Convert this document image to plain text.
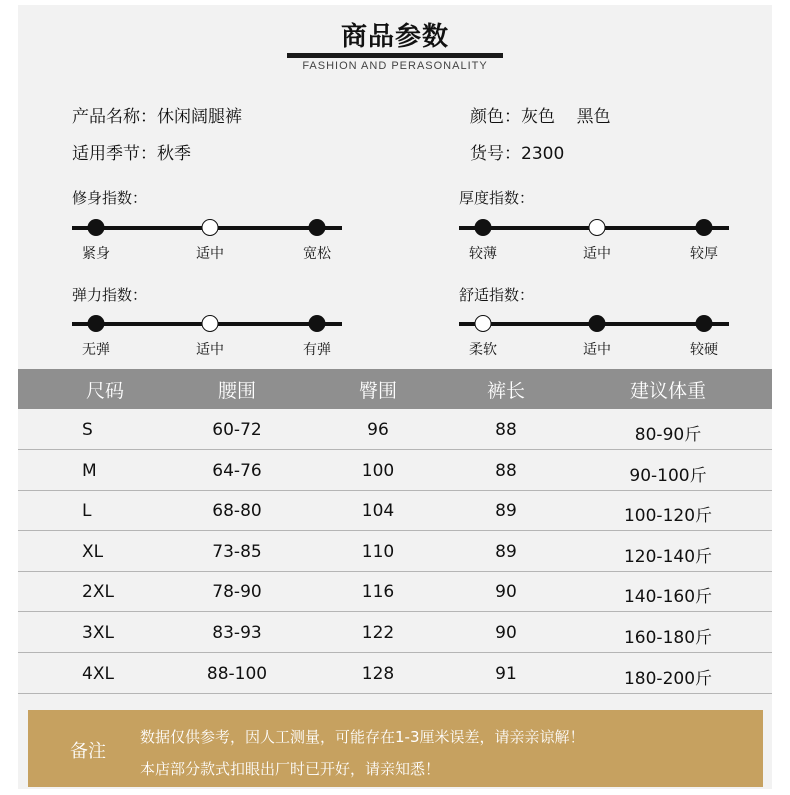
商品参数
FASHION AND PERASONALITY
产品名称：休闲阔腿裤	颜色：灰色    黑色
适用季节：秋季	货号：2300
修身指数：
紧身	适中	宽松
厚度指数：
较薄	适中	较厚
弹力指数：
无弹	适中	有弹
舒适指数：
柔软	适中	较硬
尺码	腰围	臀围	裤长	建议体重
S	60-72	96	88	80-90斤
M	64-76	100	88	90-100斤
L	68-80	104	89	100-120斤
XL	73-85	110	89	120-140斤
2XL	78-90	116	90	140-160斤
3XL	83-93	122	90	160-180斤
4XL	88-100	128	91	180-200斤
备注
数据仅供参考，因人工测量，可能存在1-3厘米误差，请亲亲谅解！
本店部分款式扣眼出厂时已开好，请亲知悉！
